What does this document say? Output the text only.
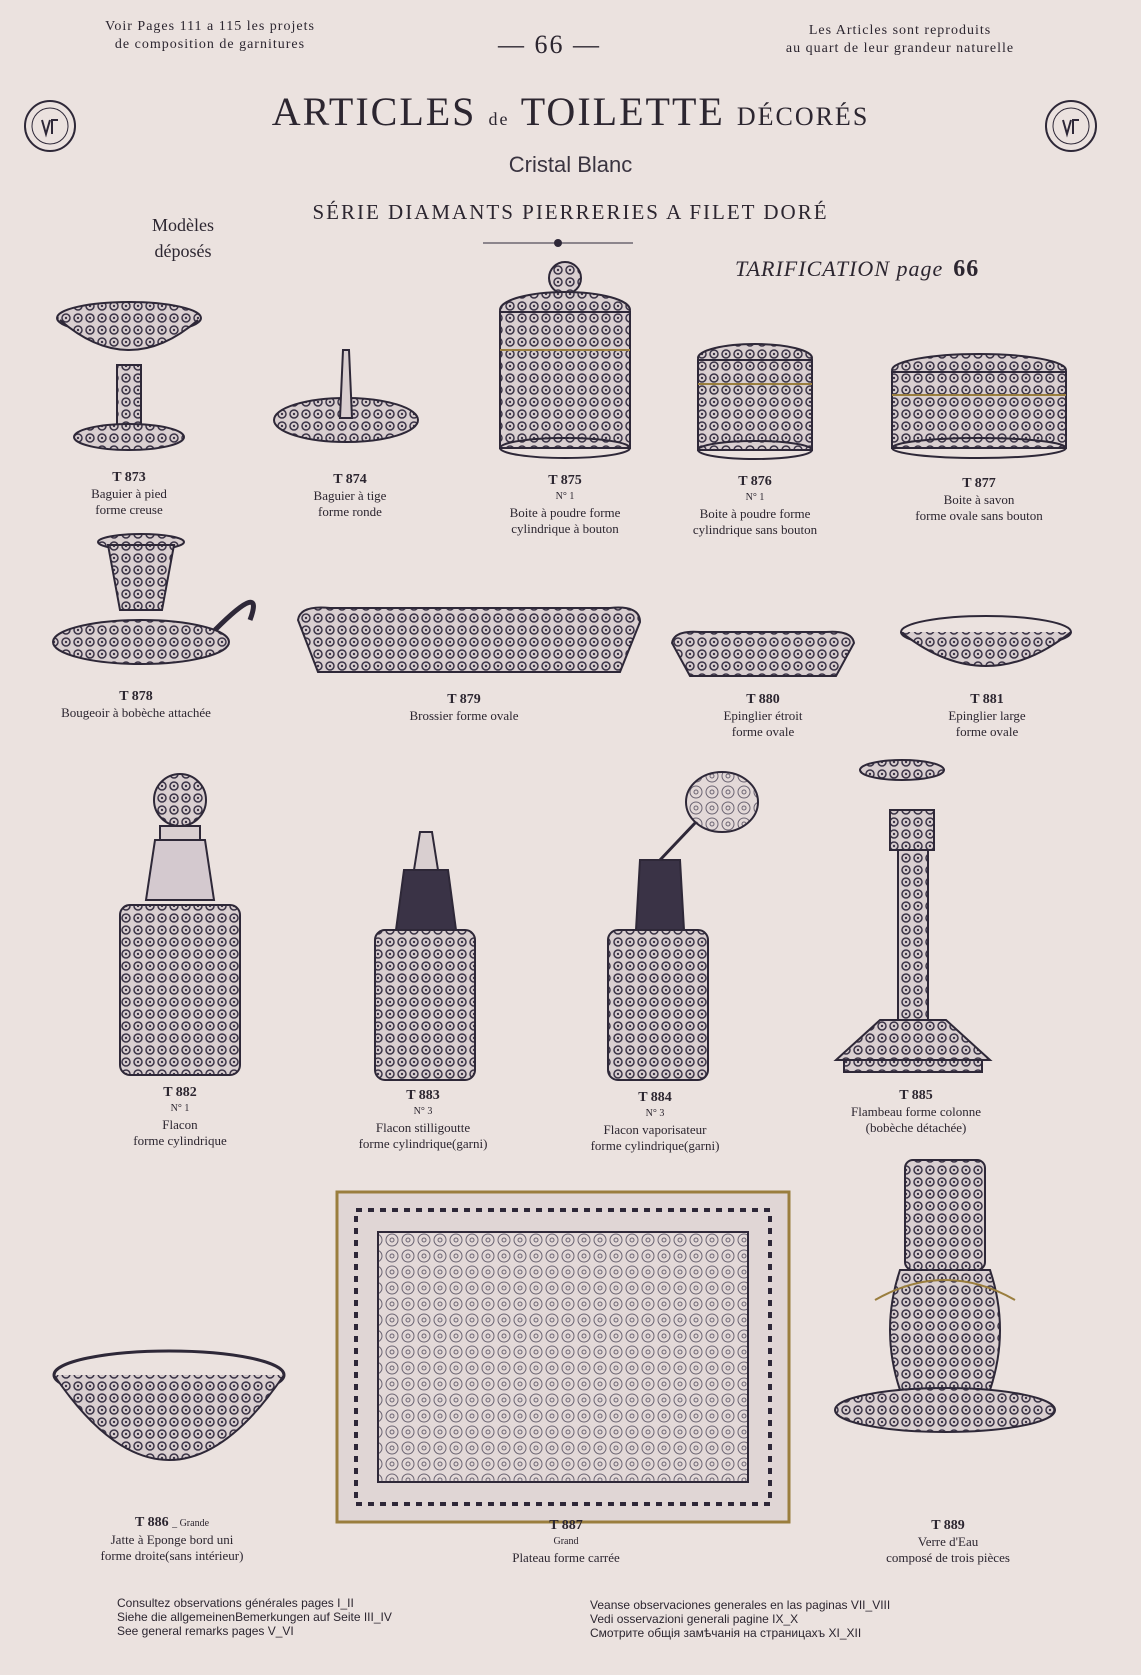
Voir Pages 111 a 115 les projets
de composition de garnitures	— 66 —	Les Articles sont reproduits
au quart de leur grandeur naturelle
ARTICLES de TOILETTE DÉCORÉS
Cristal Blanc
SÉRIE DIAMANTS PIERRERIES A FILET DORÉ
Modèles
déposés
TARIFICATION page 66
T 873
Baguier à pied
forme creuse
T 874
Baguier à tige
forme ronde
T 875
N° 1
Boite à poudre forme
cylindrique à bouton
T 876
N° 1
Boite à poudre forme
cylindrique sans bouton
T 877
Boite à savon
forme ovale sans bouton
T 878
Bougeoir à bobèche attachée
T 879
Brossier forme ovale
T 880
Epinglier étroit
forme ovale
T 881
Epinglier large
forme ovale
T 882
N° 1
Flacon
forme cylindrique
T 883
N° 3
Flacon stilligoutte
forme cylindrique(garni)
T 884
N° 3
Flacon vaporisateur
forme cylindrique(garni)
T 885
Flambeau forme colonne
(bobèche détachée)
T 886 _ Grande
Jatte à Eponge bord uni
forme droite(sans intérieur)
T 887
Grand
Plateau forme carrée
T 889
Verre d'Eau
composé de trois pièces
Consultez observations générales pages I_II
Siehe die allgemeinenBemerkungen auf Seite III_IV
See general remarks pages V_VI
Veanse observaciones generales en las paginas VII_VIII
Vedi osservazioni generali pagine IX_X
Смотрите общія замѣчанія на страницахъ XI_XII
